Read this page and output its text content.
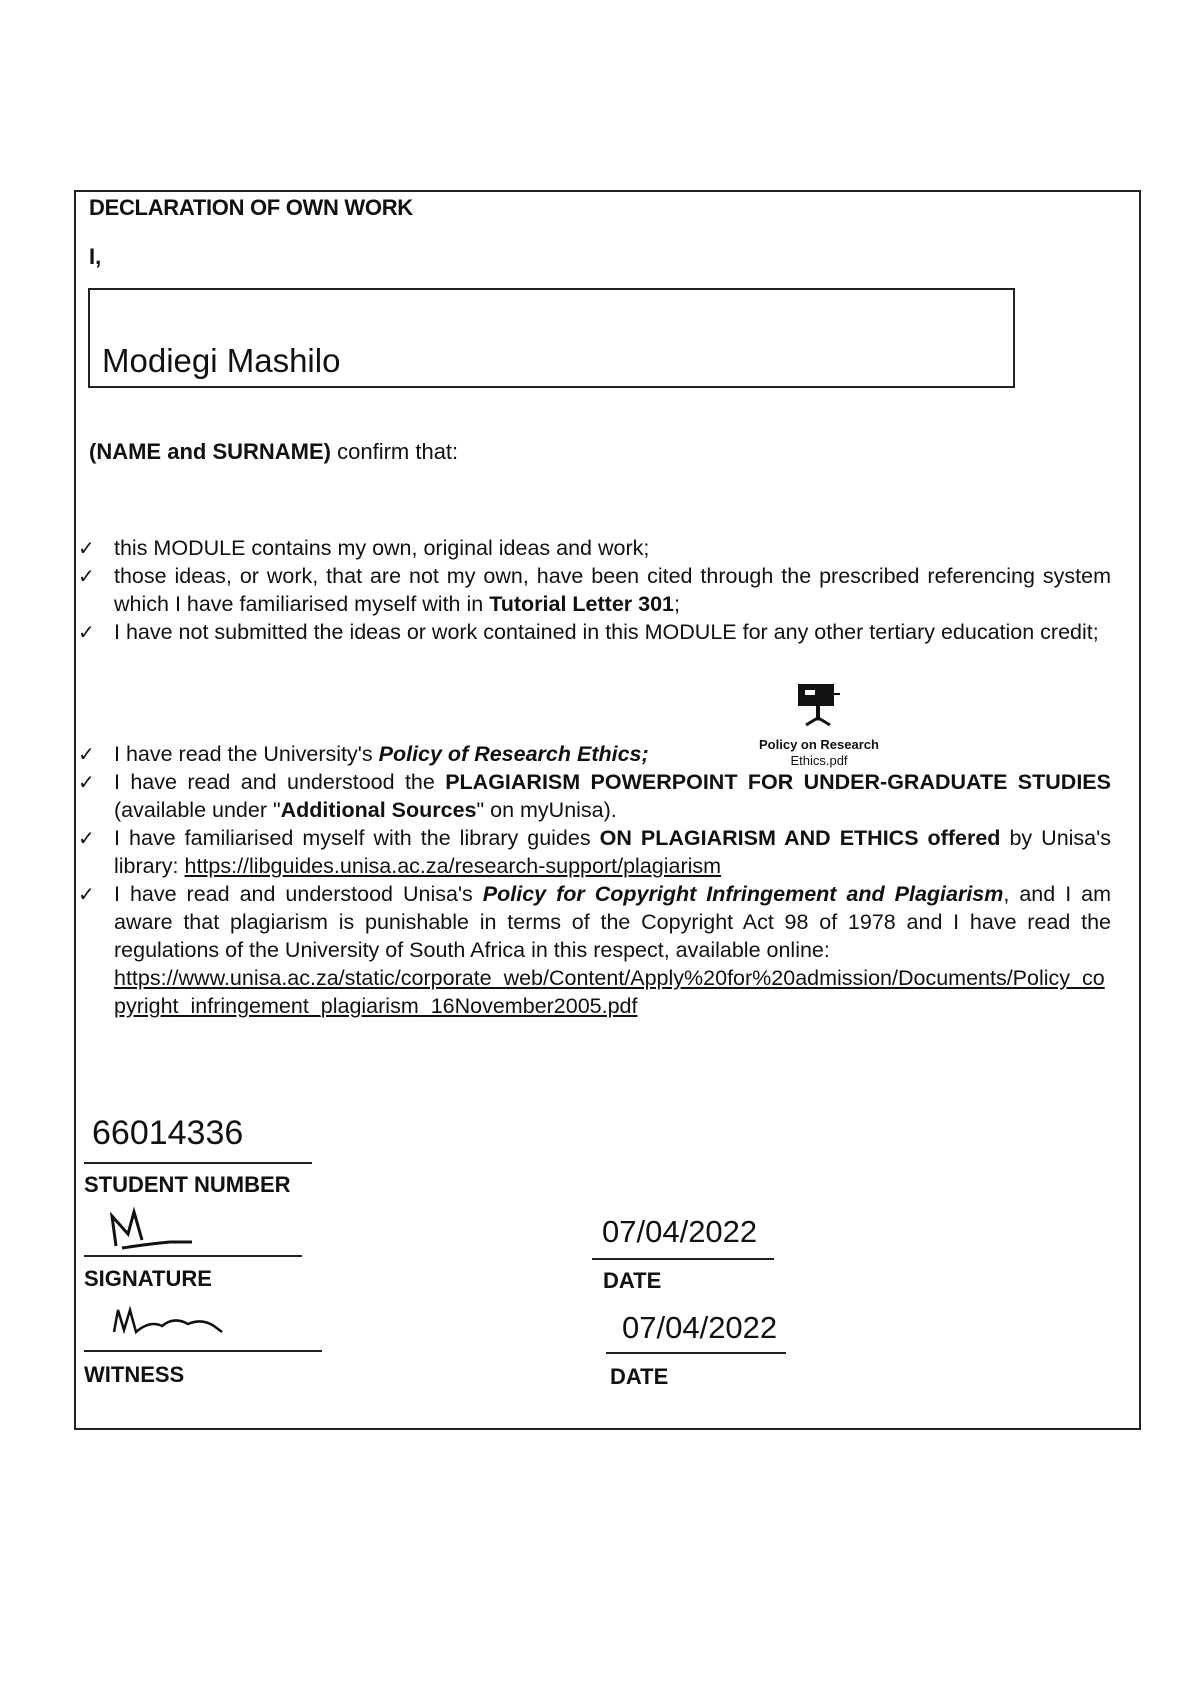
DECLARATION OF OWN WORK
I,
Modiegi Mashilo
(NAME and SURNAME) confirm that:

✓ this MODULE contains my own, original ideas and work;

✓ those ideas, or work, that are not my own, have been cited through the prescribed referencing system which I have familiarised myself with in Tutorial Letter 301;

✓ I have not submitted the ideas or work contained in this MODULE for any other tertiary education credit;

✓ I have read the University's Policy of Research Ethics;

✓ I have read and understood the PLAGIARISM POWERPOINT FOR UNDER-GRADUATE STUDIES (available under "Additional Sources" on myUnisa).

✓ I have familiarised myself with the library guides ON PLAGIARISM AND ETHICS offered by Unisa's library: https://libguides.unisa.ac.za/research-support/plagiarism

✓ I have read and understood Unisa's Policy for Copyright Infringement and Plagiarism, and I am aware that plagiarism is punishable in terms of the Copyright Act 98 of 1978 and I have read the regulations of the University of South Africa in this respect, available online:
https://www.unisa.ac.za/static/corporate_web/Content/Apply%20for%20admission/Documents/Policy_copyright_infringement_plagiarism_16November2005.pdf

Policy on Research
Ethics.pdf
66014336
STUDENT NUMBER
SIGNATURE
07/04/2022
DATE
WITNESS
07/04/2022
DATE
